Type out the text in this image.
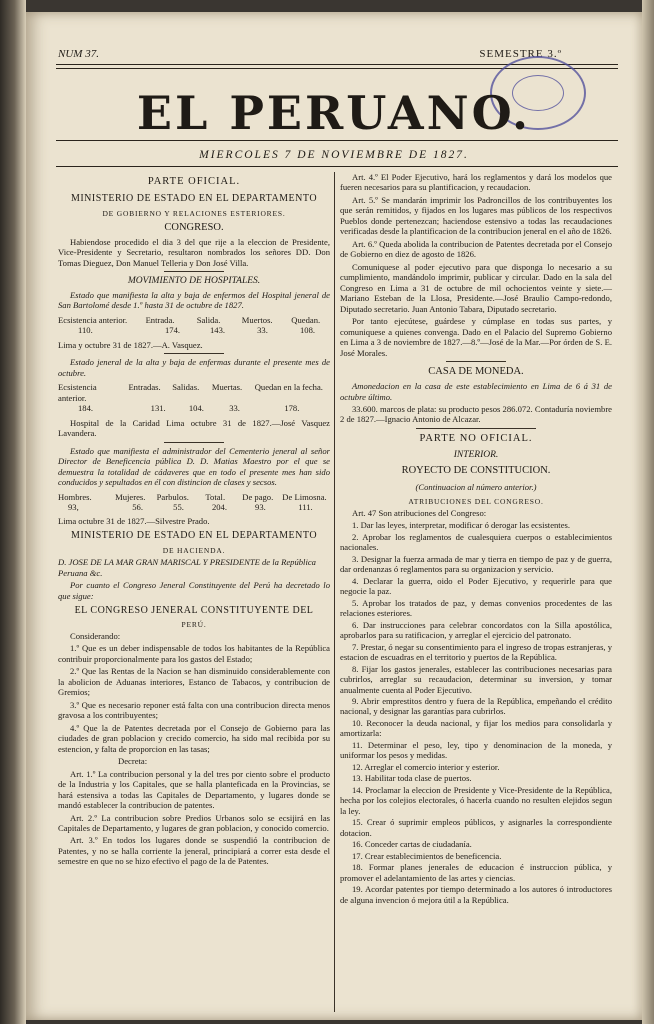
NUM 37.	SEMESTRE 3.º
EL PERUANO.
MIERCOLES 7 DE NOVIEMBRE DE 1827.
PARTE OFICIAL.
MINISTERIO DE ESTADO EN EL DEPARTAMENTO
DE GOBIERNO Y RELACIONES ESTERIORES.
CONGRESO.

Habiendose procedido el dia 3 del que rije a la eleccion de Presidente, Vice-Presidente y Secretario, resultaron nombrados los señores DD. Don Tomas Dieguez, Don Manuel Telleria y Don José Villa.

MOVIMIENTO DE HOSPITALES.

Estado que manifiesta la alta y baja de enfermos del Hospital jeneral de San Bartolomé desde 1.º hasta 31 de octubre de 1827.

Ecsistencia anterior.	Entrada.	Salida.	Muertos.	Quedan.
110.	174.	143.	33.	108.

Lima y octubre 31 de 1827.—A. Vasquez.

Estado jeneral de la alta y baja de enfermas durante el presente mes de octubre.

Ecsistencia anterior.
Entradas.	Salidas.	Muertas.	Quedan en la fecha.
184.	131.	104.	33.	178.

Hospital de la Caridad Lima octubre 31 de 1827.—José Vasquez Lavandera.

Estado que manifiesta el administrador del Cementerio jeneral al señor Director de Beneficencia pública D. D. Matias Maestro por el que se demuestra la totalidad de cádaveres que en todo el presente mes han sido conducidos y sepultados en él con distincion de clases y secsos.

Hombres.	Mujeres.	Parbulos.	Total.	De pago.	De Limosna.
93,	56.	55.	204.	93.	111.

Lima octubre 31 de 1827.—Silvestre Prado.

MINISTERIO DE ESTADO EN EL DEPARTAMENTO
DE HACIENDA.

D. JOSE DE LA MAR GRAN MARISCAL Y PRESIDENTE de la República Peruana &c.

Por cuanto el Congreso Jeneral Constituyente del Perú ha decretado lo que sigue:

EL CONGRESO JENERAL CONSTITUYENTE DEL
PERÚ.

Considerando:

1.º Que es un deber indispensable de todos los habitantes de la República contribuir proporcionalmente para los gastos del Estado;

2.º Que las Rentas de la Nacion se han disminuido considerablemente con la abolicion de Aduanas interiores, Estanco de Tabacos, y contribucion de Gremios;

3.º Que es necesario reponer está falta con una contribucion directa menos gravosa a los contribuyentes;

4.º Que la de Patentes decretada por el Consejo de Gobierno para las ciudades de gran poblacion y crecido comercio, ha sido mal recibida por su estencion, y falta de proporcion en las tasas;

Decreta:

Art. 1.º La contribucion personal y la del tres por ciento sobre el producto de la Industria y los Capitales, que se halla planteficada en la Provincias, se hará estensiva a todas las Capitales de Departamento, y lugares donde se mandó establecer la contribucion de patentes.

Art. 2.º La contribucion sobre Predios Urbanos solo se ecsijirá en las Capitales de Departamento, y lugares de gran poblacion, y conocido comercio.

Art. 3.º En todos los lugares donde se suspendió la contribucion de Patentes, y no se halla corriente la jeneral, principiará a correr esta desde el semestre en que no se hizo efectivo el pago de la de Patentes.

Art. 4.º El Poder Ejecutivo, hará los reglamentos y dará los modelos que fueren necesarios para su plantificacion, y recaudacion.

Art. 5.º Se mandarán imprimir los Padroncillos de los contribuyentes los que serán remitidos, y fijados en los lugares mas públicos de los respectivos Pueblos donde pertenezcan; haciendose estensivo a todas las recaudaciones verificadas desde la plantificacion de la contribucion jeneral en el año de 1826.

Art. 6.º Queda abolida la contribucion de Patentes decretada por el Consejo de Gobierno en diez de agosto de 1826.

Comuniquese al poder ejecutivo para que disponga lo necesario a su cumplimiento, mandándolo imprimir, publicar y circular. Dado en la sala del Congreso en Lima a 31 de octubre de mil ochocientos veinte y siete.—Mariano Esteban de la Llosa, Presidente.—José Braulio Campo-redondo, Diputado secretario. Juan Antonio Tabara, Diputado secretario.

Por tanto ejecútese, guárdese y cúmplase en todas sus partes, y comuniquese a quienes convenga. Dado en el Palacio del Supremo Gobierno en Lima a 3 de noviembre de 1827.—8.º—José de la Mar.—Por órden de S. E. José Morales.

CASA DE MONEDA.

Amonedacion en la casa de este establecimiento en Lima de 6 á 31 de octubre último.

33.600. marcos de plata: su producto pesos 286.072. Contaduría noviembre 2 de 1827.—Ignacio Antonio de Alcazar.

PARTE NO OFICIAL.
INTERIOR.
ROYECTO DE CONSTITUCION.
(Continuacion al número anterior.)
ATRIBUCIONES DEL CONGRESO.

Art. 47 Son atribuciones del Congreso:

1. Dar las leyes, interpretar, modificar ó derogar las ecsistentes.
2. Aprobar los reglamentos de cualesquiera cuerpos o establecimientos nacionales.
3. Designar la fuerza armada de mar y tierra en tiempo de paz y de guerra, dar ordenanzas ó reglamentos para su organizacion y servicio.
4. Declarar la guerra, oido el Poder Ejecutivo, y requerirle para que negocie la paz.
5. Aprobar los tratados de paz, y demas convenios procedentes de las relaciones esteriores.
6. Dar instrucciones para celebrar concordatos con la Silla apostólica, aprobarlos para su ratificacion, y arreglar el ejercicio del patronato.
7. Prestar, ó negar su consentimiento para el ingreso de tropas estranjeras, y estacion de escuadras en el territorio y puertos de la República.
8. Fijar los gastos jenerales, establecer las contribuciones necesarias para cubrirlos, arreglar su recaudacion, determinar su inversion, y tomar anualmente cuenta al Poder Ejecutivo.
9. Abrir emprestitos dentro y fuera de la República, empeñando el crédito nacional, y designar las garantías para cubrirlos.
10. Reconocer la deuda nacional, y fijar los medios para consolidarla y amortizarla:
11. Determinar el peso, ley, tipo y denominacion de la moneda, y uniformar los pesos y medidas.
12. Arreglar el comercio interior y esterior.
13. Habilitar toda clase de puertos.
14. Proclamar la eleccion de Presidente y Vice-Presidente de la República, hecha por los colejios electorales, ó hacerla cuando no resulten elejidos segun la ley.
15. Crear ó suprimir empleos públicos, y asignarles la correspondiente dotacion.
16. Conceder cartas de ciudadanía.
17. Crear establecimientos de beneficencia.
18. Formar planes jenerales de educacion é instruccion pública, y promover el adelantamiento de las artes y ciencias.
19. Acordar patentes por tiempo determinado a los autores ó introductores de alguna invencion ó mejora útil a la República.
